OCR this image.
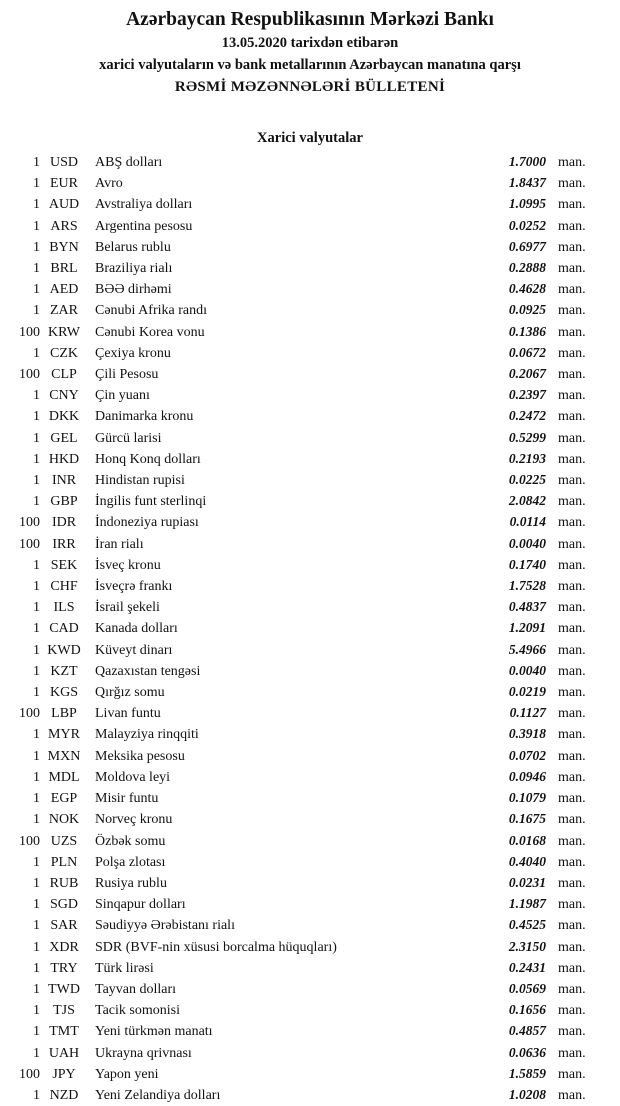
Azərbaycan Respublikasının Mərkəzi Bankı
13.05.2020 tarixdən etibarən
xarici valyutaların və bank metallarının Azərbaycan manatına qarşı
RƏSMİ MƏZƏNNƏLƏRİ BÜLLETENİ
Xarici valyutalar
1 USD	ABŞ dolları	1.7000 man.
1 EUR	Avro	1.8437 man.
1 AUD	Avstraliya dolları	1.0995 man.
1 ARS	Argentina pesosu	0.0252 man.
1 BYN	Belarus rublu	0.6977 man.
1 BRL	Braziliya rialı	0.2888 man.
1 AED	BƏƏ dirhəmi	0.4628 man.
1 ZAR	Cənubi Afrika randı	0.0925 man.
100 KRW	Cənubi Korea vonu	0.1386 man.
1 CZK	Çexiya kronu	0.0672 man.
100 CLP	Çili Pesosu	0.2067 man.
1 CNY	Çin yuanı	0.2397 man.
1 DKK	Danimarka kronu	0.2472 man.
1 GEL	Gürcü larisi	0.5299 man.
1 HKD	Honq Konq dolları	0.2193 man.
1 INR	Hindistan rupisi	0.0225 man.
1 GBP	İngilis funt sterlinqi	2.0842 man.
100 IDR	İndoneziya rupiası	0.0114 man.
100 IRR	İran rialı	0.0040 man.
1 SEK	İsveç kronu	0.1740 man.
1 CHF	İsveçrə frankı	1.7528 man.
1 ILS	İsrail şekeli	0.4837 man.
1 CAD	Kanada dolları	1.2091 man.
1 KWD	Küveyt dinarı	5.4966 man.
1 KZT	Qazaxıstan tengəsi	0.0040 man.
1 KGS	Qırğız somu	0.0219 man.
100 LBP	Livan funtu	0.1127 man.
1 MYR	Malayziya rinqqiti	0.3918 man.
1 MXN	Meksika pesosu	0.0702 man.
1 MDL	Moldova leyi	0.0946 man.
1 EGP	Misir funtu	0.1079 man.
1 NOK	Norveç kronu	0.1675 man.
100 UZS	Özbək somu	0.0168 man.
1 PLN	Polşa zlotası	0.4040 man.
1 RUB	Rusiya rublu	0.0231 man.
1 SGD	Sinqapur dolları	1.1987 man.
1 SAR	Səudiyyə Ərəbistanı rialı	0.4525 man.
1 XDR	SDR (BVF-nin xüsusi borcalma hüquqları)	2.3150 man.
1 TRY	Türk lirəsi	0.2431 man.
1 TWD	Tayvan dolları	0.0569 man.
1 TJS	Tacik somonisi	0.1656 man.
1 TMT	Yeni türkmən manatı	0.4857 man.
1 UAH	Ukrayna qrivnası	0.0636 man.
100 JPY	Yapon yeni	1.5859 man.
1 NZD	Yeni Zelandiya dolları	1.0208 man.
